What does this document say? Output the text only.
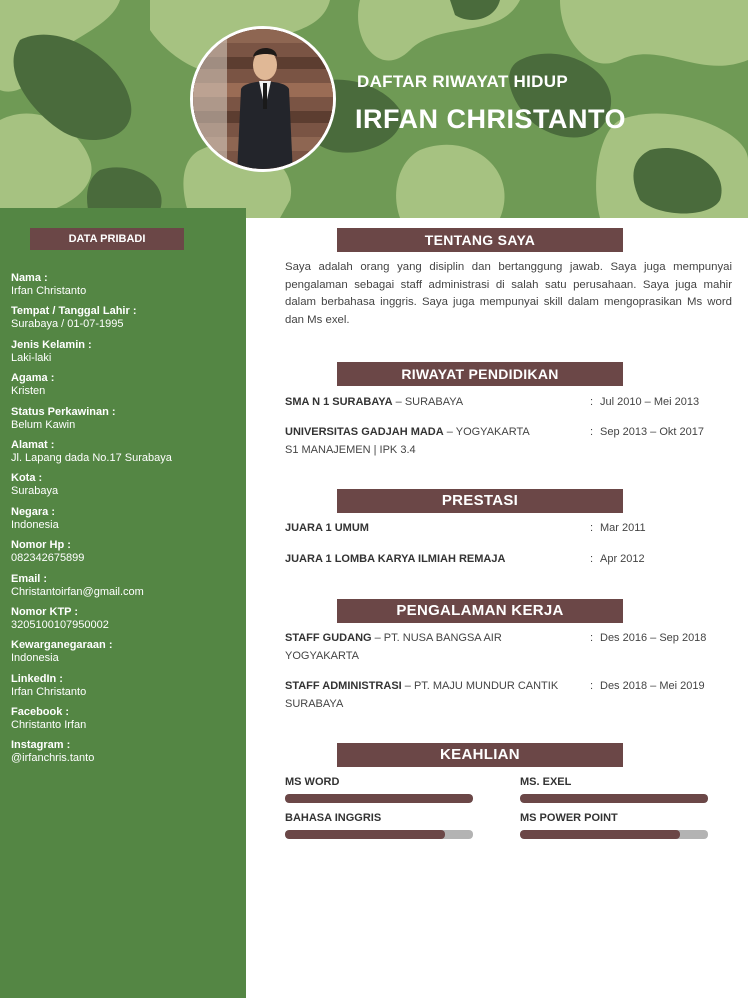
DAFTAR RIWAYAT HIDUP
IRFAN CHRISTANTO
DATA PRIBADI
Nama :
Irfan Christanto
Tempat / Tanggal Lahir :
Surabaya / 01-07-1995
Jenis Kelamin :
Laki-laki
Agama :
Kristen
Status Perkawinan :
Belum Kawin
Alamat :
Jl. Lapang dada No.17 Surabaya
Kota :
Surabaya
Negara :
Indonesia
Nomor Hp :
082342675899
Email :
Christantoirfan@gmail.com
Nomor KTP :
3205100107950002
Kewarganegaraan :
Indonesia
LinkedIn :
Irfan Christanto
Facebook :
Christanto Irfan
Instagram :
@irfanchris.tanto
TENTANG SAYA
Saya adalah orang yang disiplin dan bertanggung jawab. Saya juga mempunyai pengalaman sebagai staff administrasi di salah satu perusahaan. Saya juga mahir dalam berbahasa inggris. Saya juga mempunyai skill dalam mengoprasikan Ms word dan Ms exel.
RIWAYAT PENDIDIKAN
SMA N 1 SURABAYA – SURABAYA	: Jul 2010 – Mei 2013
UNIVERSITAS GADJAH MADA – YOGYAKARTA	: Sep 2013 – Okt 2017
S1 MANAJEMEN | IPK 3.4
PRESTASI
JUARA 1 UMUM	: Mar 2011
JUARA 1 LOMBA KARYA ILMIAH REMAJA	: Apr 2012
PENGALAMAN KERJA
STAFF GUDANG – PT. NUSA BANGSA AIR	: Des 2016 – Sep 2018
YOGYAKARTA
STAFF ADMINISTRASI – PT. MAJU MUNDUR CANTIK	: Des 2018 – Mei 2019
SURABAYA
KEAHLIAN
MS WORD	MS. EXEL
BAHASA INGGRIS	MS POWER POINT
